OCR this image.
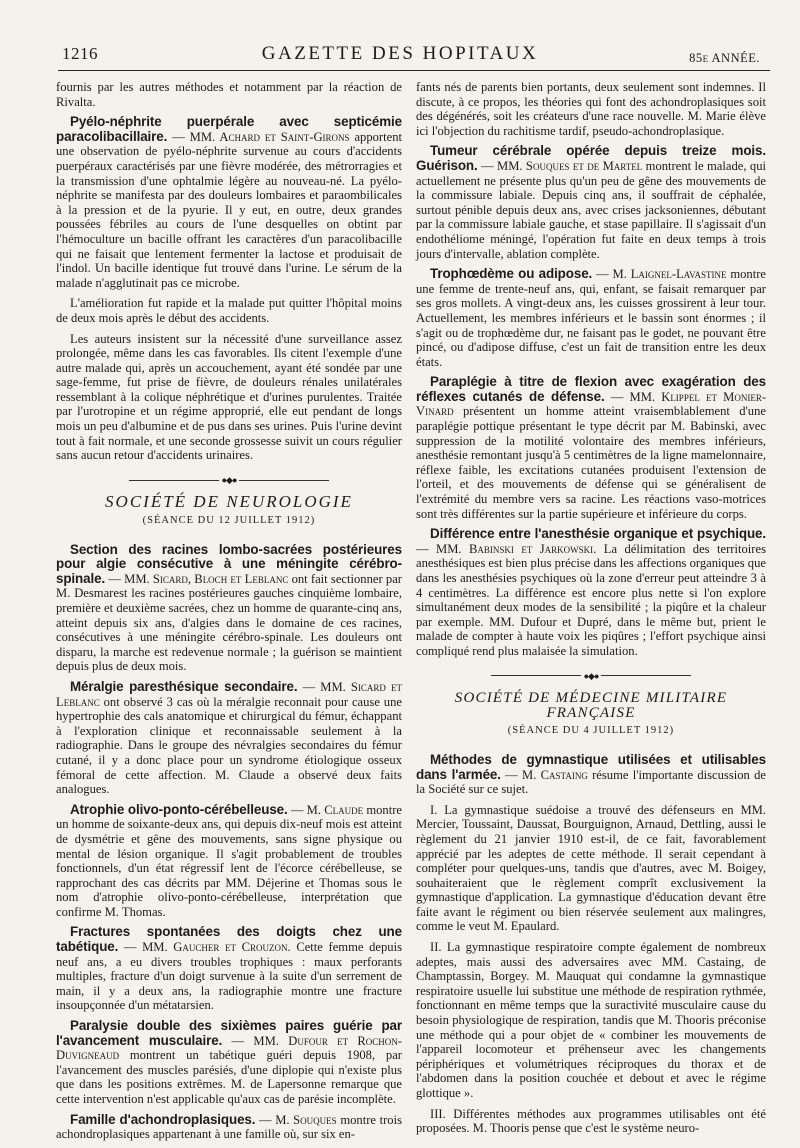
1216	GAZETTE DES HOPITAUX	85e ANNÉE.

fournis par les autres méthodes et notamment par la réaction de Rivalta.

Pyélo-néphrite puerpérale avec septicémie paracolibacillaire. — MM. Achard et Saint-Girons apportent une observation de pyélo-néphrite survenue au cours d'accidents puerpéraux caractérisés par une fièvre modérée, des métrorragies et la transmission d'une ophtalmie légère au nouveau-né. La pyélo-néphrite se manifesta par des douleurs lombaires et paraombilicales à la pression et de la pyurie. Il y eut, en outre, deux grandes poussées fébriles au cours de l'une desquelles on obtint par l'hémoculture un bacille offrant les caractères d'un paracolibacille qui ne faisait que lentement fermenter la lactose et produisait de l'indol. Un bacille identique fut trouvé dans l'urine. Le sérum de la malade n'agglutinait pas ce microbe.

L'amélioration fut rapide et la malade put quitter l'hôpital moins de deux mois après le début des accidents.

Les auteurs insistent sur la nécessité d'une surveillance assez prolongée, même dans les cas favorables. Ils citent l'exemple d'une autre malade qui, après un accouchement, ayant été sondée par une sage-femme, fut prise de fièvre, de douleurs rénales unilatérales ressemblant à la colique néphrétique et d'urines purulentes. Traitée par l'urotropine et un régime approprié, elle eut pendant de longs mois un peu d'albumine et de pus dans ses urines. Puis l'urine devint tout à fait normale, et une seconde grossesse suivit un cours régulier sans aucun retour d'accidents urinaires.

●◆●
SOCIÉTÉ DE NEUROLOGIE
(SÉANCE DU 12 JUILLET 1912)

Section des racines lombo-sacrées postérieures pour algie consécutive à une méningite cérébro-spinale. — MM. Sicard, Bloch et Leblanc ont fait sectionner par M. Desmarest les racines postérieures gauches cinquième lombaire, première et deuxième sacrées, chez un homme de quarante-cinq ans, atteint depuis six ans, d'algies dans le domaine de ces racines, consécutives à une méningite cérébro-spinale. Les douleurs ont disparu, la marche est redevenue normale ; la guérison se maintient depuis plus de deux mois.

Méralgie paresthésique secondaire. — MM. Sicard et Leblanc ont observé 3 cas où la méralgie reconnait pour cause une hypertrophie des cals anatomique et chirurgical du fémur, échappant à l'exploration clinique et reconnaissable seulement à la radiographie. Dans le groupe des névralgies secondaires du fémur cutané, il y a donc place pour un syndrome étiologique osseux fémoral de cette affection. M. Claude a observé deux faits analogues.

Atrophie olivo-ponto-cérébelleuse. — M. Claude montre un homme de soixante-deux ans, qui depuis dix-neuf mois est atteint de dysmétrie et gêne des mouvements, sans signe physique ou mental de lésion organique. Il s'agit probablement de troubles fonctionnels, d'un état régressif lent de l'écorce cérébelleuse, se rapprochant des cas décrits par MM. Déjerine et Thomas sous le nom d'atrophie olivo-ponto-cérébelleuse, interprétation que confirme M. Thomas.

Fractures spontanées des doigts chez une tabétique. — MM. Gaucher et Crouzon. Cette femme depuis neuf ans, a eu divers troubles trophiques : maux perforants multiples, fracture d'un doigt survenue à la suite d'un serrement de main, il y a deux ans, la radiographie montre une fracture insoupçonnée d'un métatarsien.

Paralysie double des sixièmes paires guérie par l'avancement musculaire. — MM. Dufour et Rochon-Duvigneaud montrent un tabétique guéri depuis 1908, par l'avancement des muscles parésiés, d'une diplopie qui n'existe plus que dans les positions extrêmes. M. de Lapersonne remarque que cette intervention n'est applicable qu'aux cas de parésie incomplète.

Famille d'achondroplasiques. — M. Souques montre trois achondroplasiques appartenant à une famille où, sur six en-

fants nés de parents bien portants, deux seulement sont indemnes. Il discute, à ce propos, les théories qui font des achondroplasiques soit des dégénérés, soit les créateurs d'une race nouvelle. M. Marie élève ici l'objection du rachitisme tardif, pseudo-achondroplasique.

Tumeur cérébrale opérée depuis treize mois. Guérison. — MM. Souques et de Martel montrent le malade, qui actuellement ne présente plus qu'un peu de gêne des mouvements de la commissure labiale. Depuis cinq ans, il souffrait de céphalée, surtout pénible depuis deux ans, avec crises jacksoniennes, débutant par la commissure labiale gauche, et stase papillaire. Il s'agissait d'un endothéliome méningé, l'opération fut faite en deux temps à trois jours d'intervalle, ablation complète.

Trophœdème ou adipose. — M. Laignel-Lavastine montre une femme de trente-neuf ans, qui, enfant, se faisait remarquer par ses gros mollets. A vingt-deux ans, les cuisses grossirent à leur tour. Actuellement, les membres inférieurs et le bassin sont énormes ; il s'agit ou de trophœdème dur, ne faisant pas le godet, ne pouvant être pincé, ou d'adipose diffuse, c'est un fait de transition entre les deux états.

Paraplégie à titre de flexion avec exagération des réflexes cutanés de défense. — MM. Klippel et Monier-Vinard présentent un homme atteint vraisemblablement d'une paraplégie pottique présentant le type décrit par M. Babinski, avec suppression de la motilité volontaire des membres inférieurs, anesthésie remontant jusqu'à 5 centimètres de la ligne mamelonnaire, réflexe faible, les excitations cutanées produisent l'extension de l'orteil, et des mouvements de défense qui se généralisent de l'extrémité du membre vers sa racine. Les réactions vaso-motrices sont très différentes sur la partie supérieure et inférieure du corps.

Différence entre l'anesthésie organique et psychique. — MM. Babinski et Jarkowski. La délimitation des territoires anesthésiques est bien plus précise dans les affections organiques que dans les anesthésies psychiques où la zone d'erreur peut atteindre 3 à 4 centimètres. La différence est encore plus nette si l'on explore simultanément deux modes de la sensibilité ; la piqûre et la chaleur par exemple. MM. Dufour et Dupré, dans le même but, prient le malade de compter à haute voix les piqûres ; l'effort psychique ainsi compliqué rend plus malaisée la simulation.

●◆●
SOCIÉTÉ DE MÉDECINE MILITAIRE FRANÇAISE
(SÉANCE DU 4 JUILLET 1912)

Méthodes de gymnastique utilisées et utilisables dans l'armée. — M. Castaing résume l'importante discussion de la Société sur ce sujet.

I. La gymnastique suédoise a trouvé des défenseurs en MM. Mercier, Toussaint, Daussat, Bourguignon, Arnaud, Dettling, aussi le règlement du 21 janvier 1910 est-il, de ce fait, favorablement apprécié par les adeptes de cette méthode. Il serait cependant à compléter pour quelques-uns, tandis que d'autres, avec M. Boigey, souhaiteraient que le règlement comprît exclusivement la gymnastique d'application. La gymnastique d'éducation devant être faite avant le régiment ou bien réservée seulement aux malingres, comme le veut M. Epaulard.

II. La gymnastique respiratoire compte également de nombreux adeptes, mais aussi des adversaires avec MM. Castaing, de Champtassin, Borgey. M. Mauquat qui condamne la gymnastique respiratoire usuelle lui substitue une méthode de respiration rythmée, fonctionnant en même temps que la suractivité musculaire cause du besoin physiologique de respiration, tandis que M. Thooris préconise une méthode qui a pour objet de « combiner les mouvements de l'appareil locomoteur et préhenseur avec les changements périphériques et volumétriques réciproques du thorax et de l'abdomen dans la position couchée et debout et avec le régime glottique ».

III. Différentes méthodes aux programmes utilisables ont été proposées. M. Thooris pense que c'est le système neuro-
